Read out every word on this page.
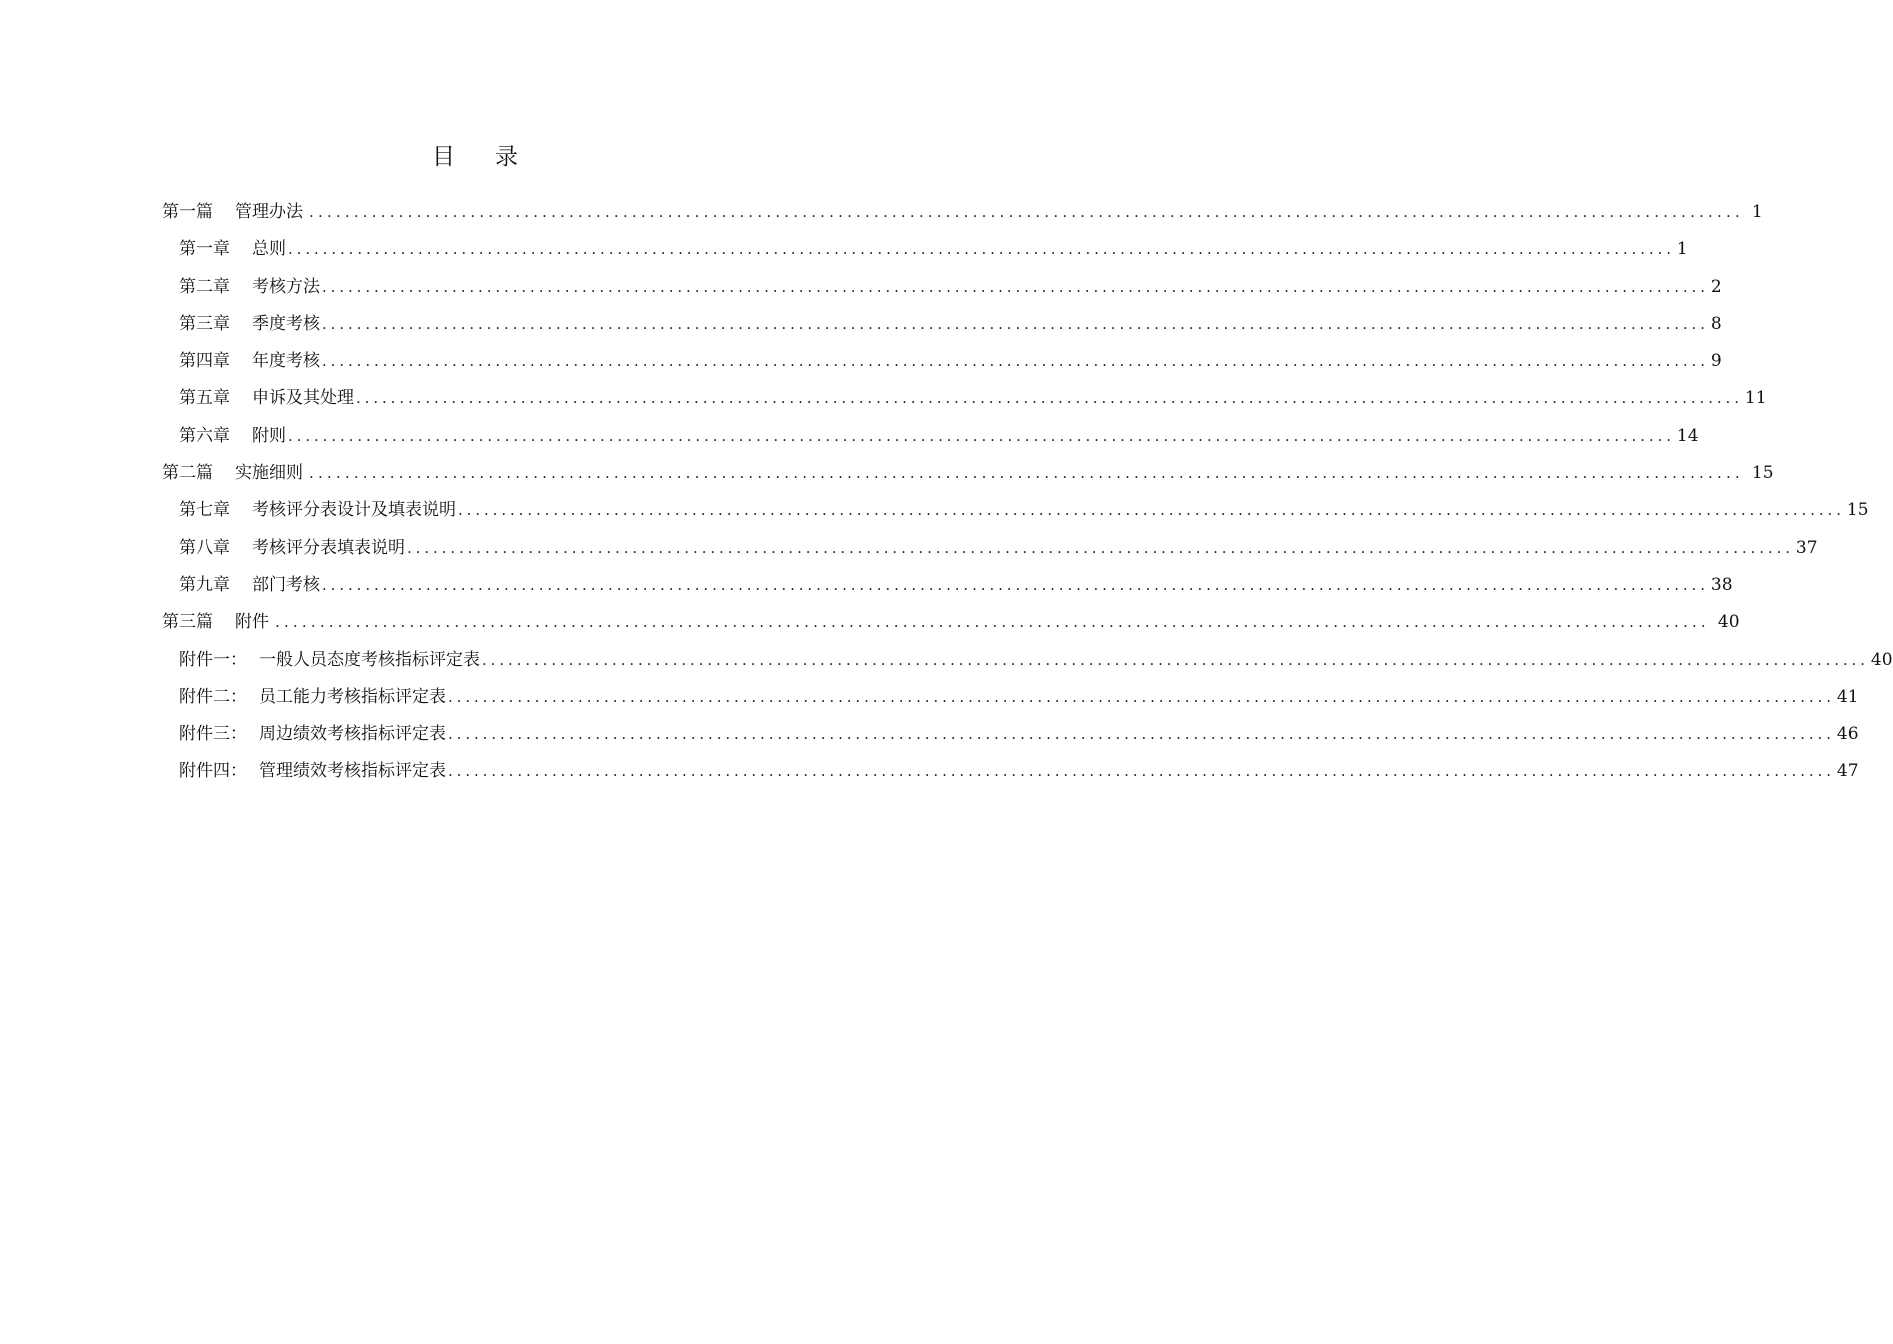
目 录
第一篇 管理办法 ................................................................................................................................................................ 1
第一章 总则 ................................................................................................................................................................ 1
第二章 考核方法 ................................................................................................................................................................ 2
第三章 季度考核 ................................................................................................................................................................ 8
第四章 年度考核 ................................................................................................................................................................ 9
第五章 申诉及其处理 ................................................................................................................................................................ 11
第六章 附则 ................................................................................................................................................................ 14
第二篇 实施细则 ................................................................................................................................................................ 15
第七章 考核评分表设计及填表说明 ................................................................................................................................................................ 15
第八章 考核评分表填表说明 ................................................................................................................................................................ 37
第九章 部门考核 ................................................................................................................................................................ 38
第三篇 附件 ................................................................................................................................................................ 40
附件一： 一般人员态度考核指标评定表 ................................................................................................................................................................ 40
附件二： 员工能力考核指标评定表 ................................................................................................................................................................ 41
附件三： 周边绩效考核指标评定表 ................................................................................................................................................................ 46
附件四： 管理绩效考核指标评定表 ................................................................................................................................................................ 47
